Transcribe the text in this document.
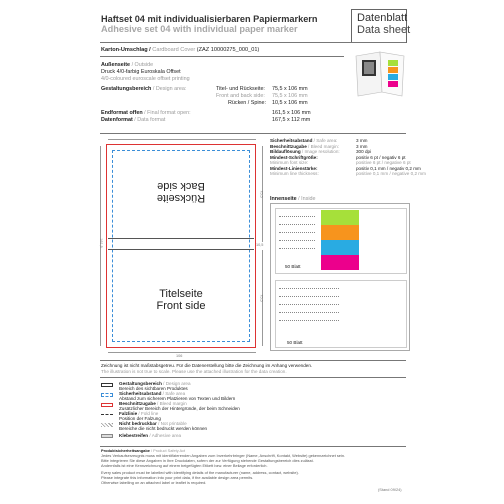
Haftset 04 mit individualisierbaren Papiermarkern
Adhesive set 04 with individual paper marker
Datenblatt
Data sheet
Karton-Umschlag / Cardboard Cover (ZAZ 10000275_000_01)
Außenseite / Outside
Druck 4/0-farbig Euroskala Offset
4/0-coloured euroscale offset printing
Gestaltungsbereich / Design area:	Titel- und Rückseite: 75,5 x 106 mm
Front and back side: 75,5 x 106 mm
Rücken / Spine: 10,5 x 106 mm
Endformat offen / Final format open:	161,5 x 106 mm
Datenformat / Data format	167,5 x 112 mm
Sicherheitsabstand / Safe area:	3 mm
Beschnittzugabe / Bleed margin:	3 mm
Bildauflösung / Image resolution:	300 dpi
Mindest-Schriftgröße:	positiv 6 pt / negativ 6 pt
Minimum font size:	positive 6 pt / negative 6 pt
Mindest-Linienstärke:	positiv 0,1 mm / negativ 0,2 mm
Minimum line thickness:	positive 0,1 mm / negative 0,2 mm
161,5
75,5
75,5
10,5
106
Rückseite
Back side
Titelseite
Front side
Innenseite / Inside
50 Blatt
50 Blatt
Zeichnung ist nicht maßstabsgetreu. Für die Datenerstellung bitte die Zeichnung im Anhang verwenden.
The illustration is not true to scale. Please use the attached illustration for the data creation.
Gestaltungsbereich / Design area
Bereich des sichtbaren Produktes
Sicherheitsabstand / Safe area
Abstand zum sicherem Platzieren von Texten und Bildern
Beschnittzugabe / Bleed margin
Zusätzlicher Bereich der Hintergründe, der beim Schneiden
Falzlinie / Fold line
Position der Falzung
Nicht bedruckbar / Not printable
Bereiche die nicht bedruckt werden können
Klebestreifen / Adhesive area
Produktsicherheitsangabe / Product Safety Act
Jedes Verkaufserzeugnis muss mit identifizierenden Angaben zum Inverkehrbringer (Name, Anschrift, Kontakt, Website) gekennzeichnet sein.
Bitte integrieren Sie diese Angaben in Ihre Druckdaten, sofern der zur Verfügung stehende Gestaltungsbereich dies zulässt.
Andernfalls ist eine Kennzeichnung auf einem beigefügten Etikett bzw. einer Beilage erforderlich.
Every sales product must be labelled with identifying details of the manufacturer (name, address, contact, website).
Please integrate this information into your print data, if the available design area permits.
Otherwise labelling on an attached label or leaflet is required.
(Stand 09/24)
